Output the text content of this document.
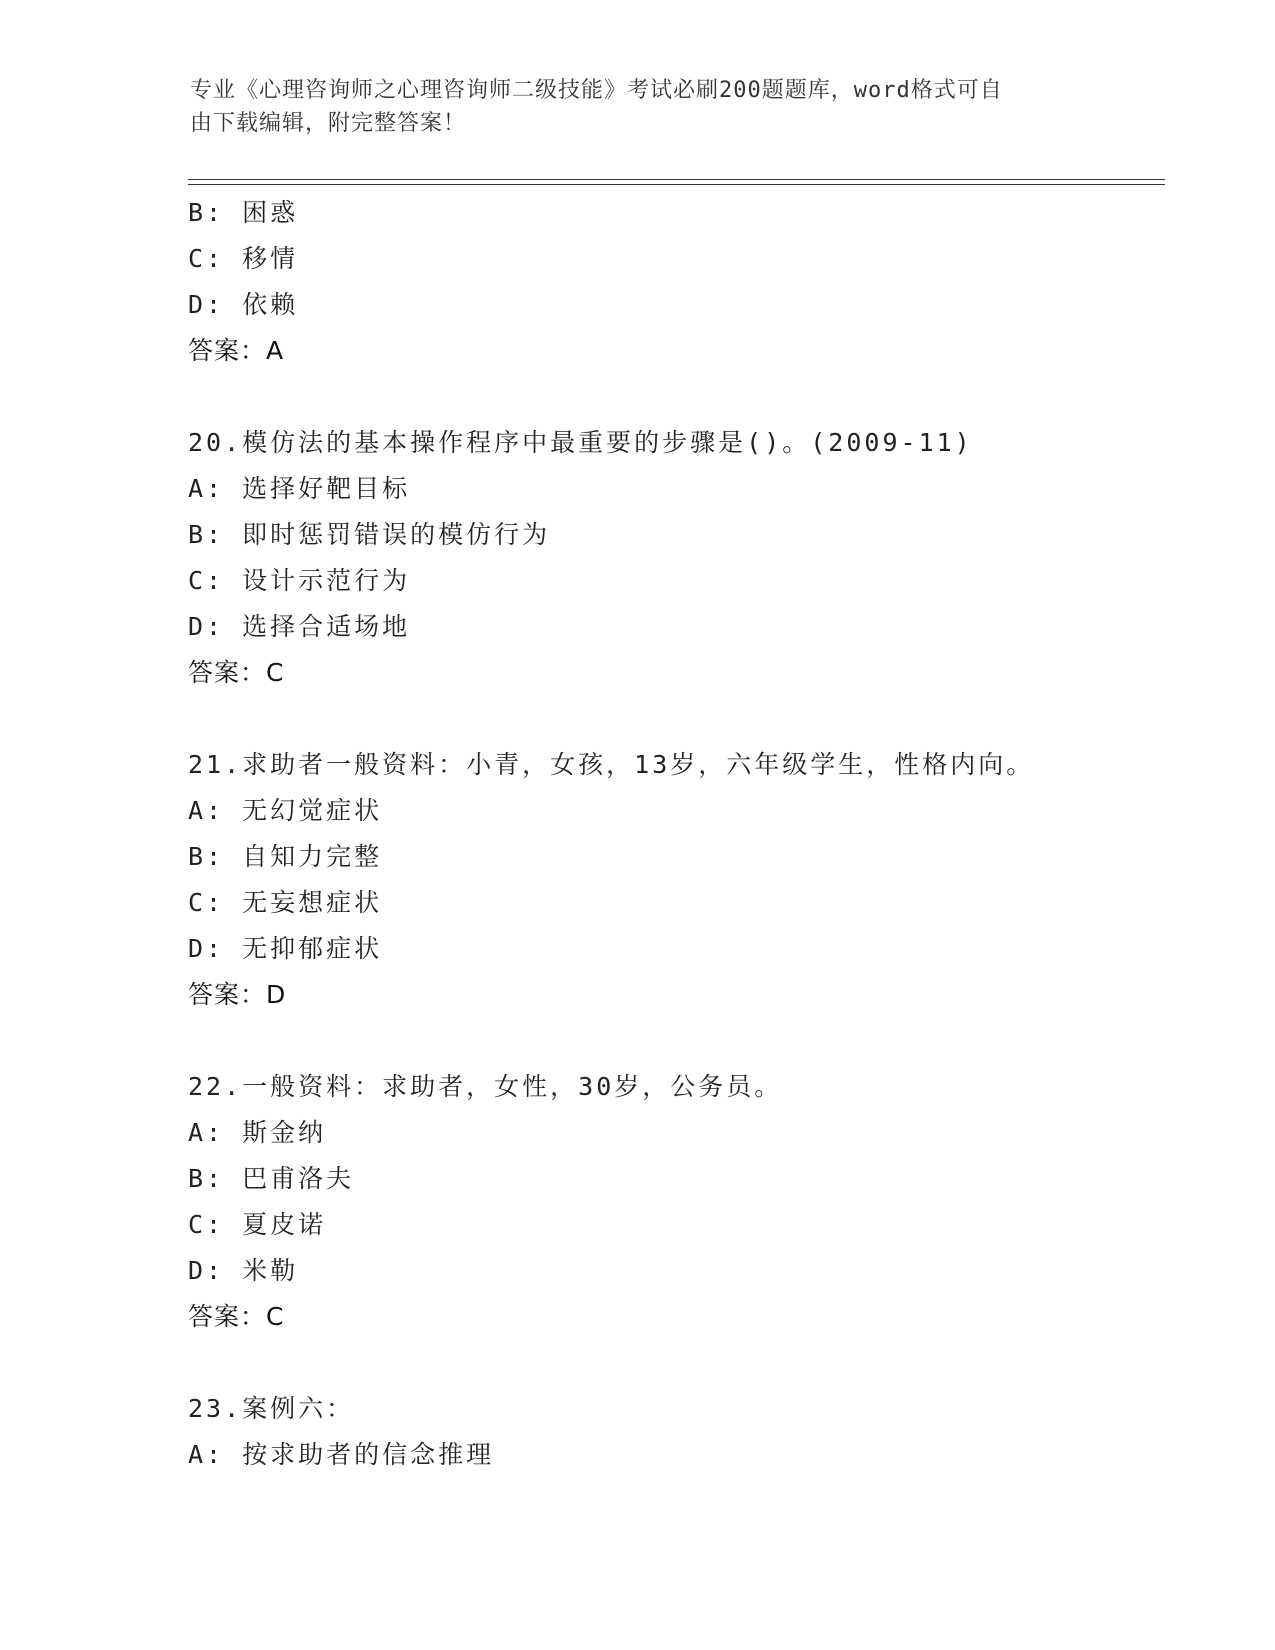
专业《心理咨询师之心理咨询师二级技能》考试必刷200题题库，word格式可自
由下载编辑，附完整答案！
B: 困惑
C: 移情
D: 依赖
答案：A
20.模仿法的基本操作程序中最重要的步骤是()。(2009-11)
A: 选择好靶目标
B: 即时惩罚错误的模仿行为
C: 设计示范行为
D: 选择合适场地
答案：C
21.求助者一般资料：小青，女孩，13岁，六年级学生，性格内向。
A: 无幻觉症状
B: 自知力完整
C: 无妄想症状
D: 无抑郁症状
答案：D
22.一般资料：求助者，女性，30岁，公务员。
A: 斯金纳
B: 巴甫洛夫
C: 夏皮诺
D: 米勒
答案：C
23.案例六：
A: 按求助者的信念推理
